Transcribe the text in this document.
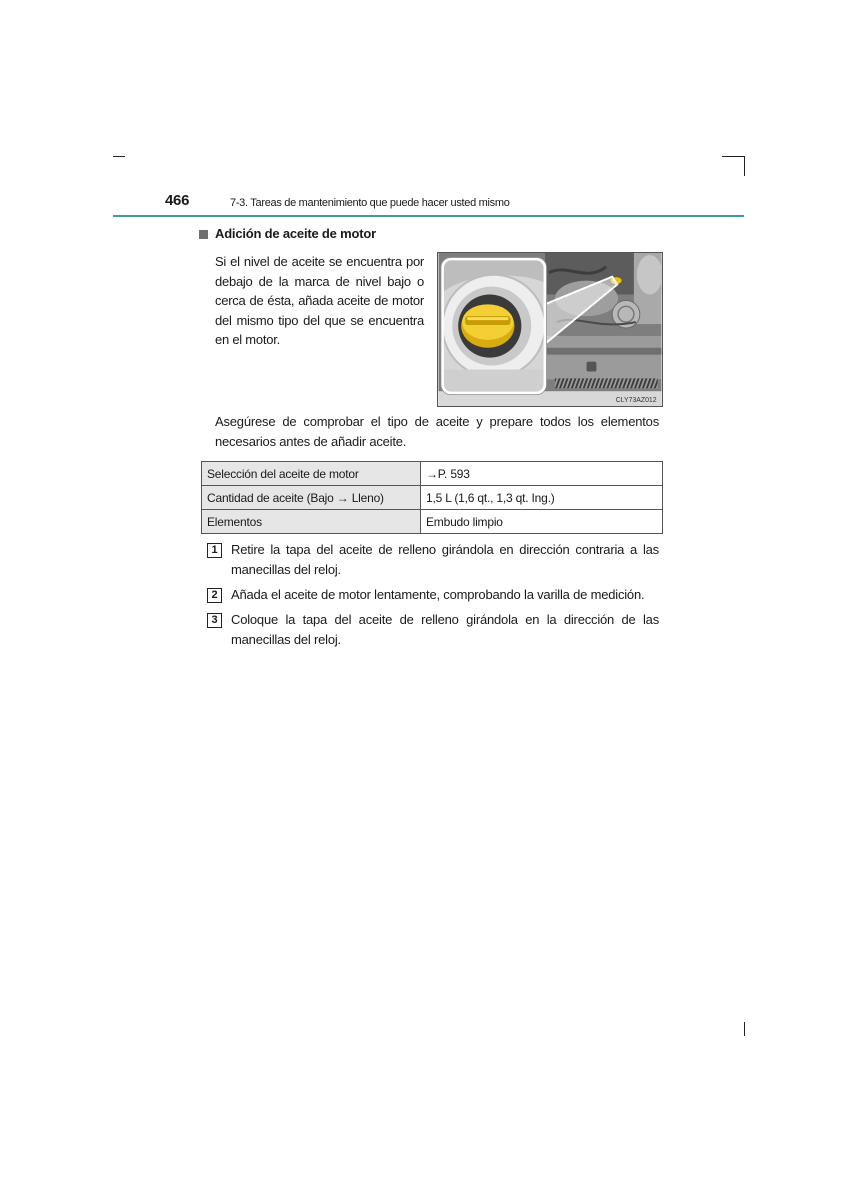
466	7-3. Tareas de mantenimiento que puede hacer usted mismo
Adición de aceite de motor
Si el nivel de aceite se encuentra por debajo de la marca de nivel bajo o cerca de ésta, añada aceite de motor del mismo tipo del que se encuentra en el motor.
CLY73AZ012
Asegúrese de comprobar el tipo de aceite y prepare todos los elementos necesarios antes de añadir aceite.
Selección del aceite de motor	→P. 593
Cantidad de aceite (Bajo → Lleno)	1,5 L (1,6 qt., 1,3 qt. Ing.)
Elementos	Embudo limpio
1	Retire la tapa del aceite de relleno girándola en dirección contraria a las manecillas del reloj.
2	Añada el aceite de motor lentamente, comprobando la varilla de medición.
3	Coloque la tapa del aceite de relleno girándola en la dirección de las manecillas del reloj.
